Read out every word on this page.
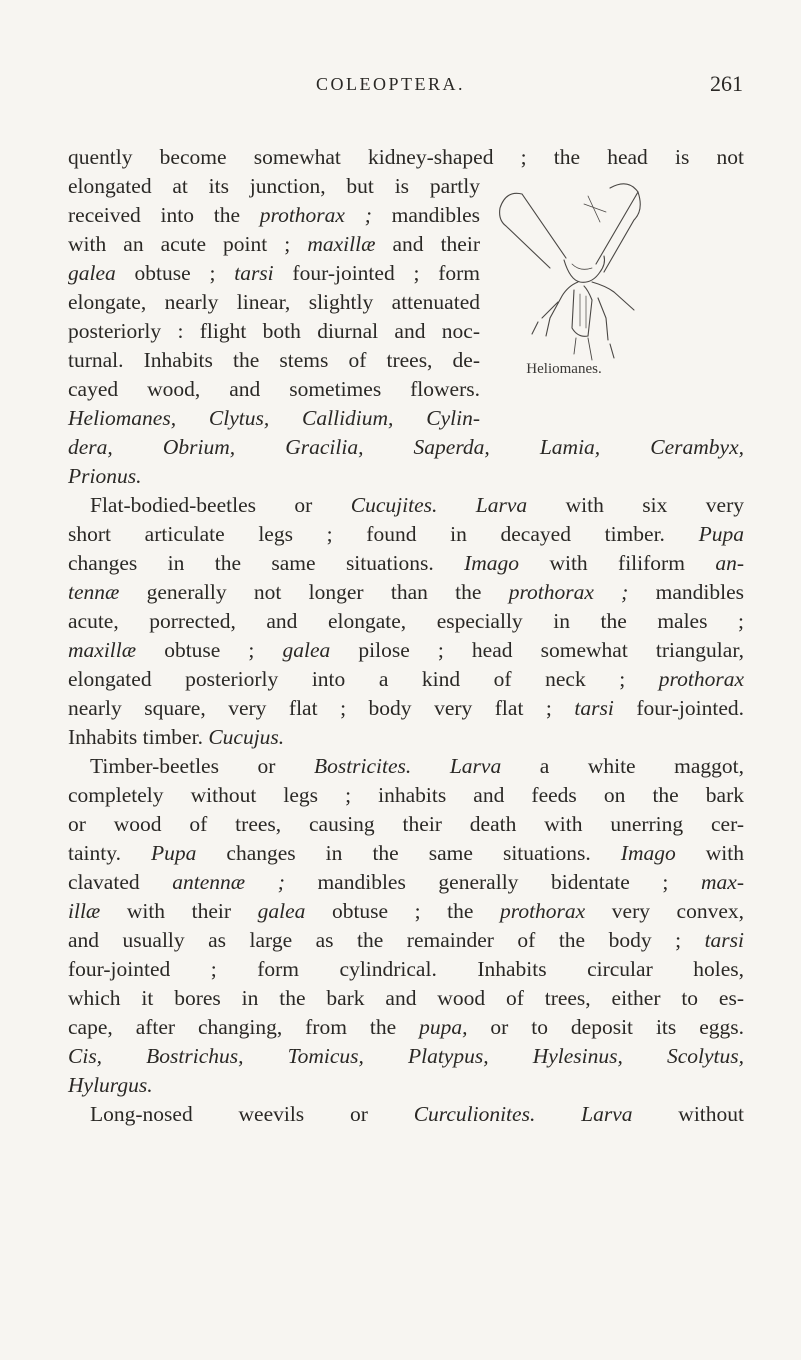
COLEOPTERA.	261
quently become somewhat kidney-shaped ; the head is not
elongated at its junction, but is partly
received into the prothorax ; mandibles
with an acute point ; maxillæ and their
galea obtuse ; tarsi four-jointed ; form
elongate, nearly linear, slightly attenuated
posteriorly : flight both diurnal and noc-
turnal. Inhabits the stems of trees, de-
cayed wood, and sometimes flowers.
Heliomanes, Clytus, Callidium, Cylin-
dera, Obrium, Gracilia, Saperda, Lamia, Cerambyx,
Prionus.
Flat-bodied-beetles or Cucujites. Larva with six very
short articulate legs ; found in decayed timber. Pupa
changes in the same situations. Imago with filiform an-
tennæ generally not longer than the prothorax ; mandibles
acute, porrected, and elongate, especially in the males ;
maxillæ obtuse ; galea pilose ; head somewhat triangular,
elongated posteriorly into a kind of neck ; prothorax
nearly square, very flat ; body very flat ; tarsi four-jointed.
Inhabits timber. Cucujus.
Timber-beetles or Bostricites. Larva a white maggot,
completely without legs ; inhabits and feeds on the bark
or wood of trees, causing their death with unerring cer-
tainty. Pupa changes in the same situations. Imago with
clavated antennæ ; mandibles generally bidentate ; max-
illæ with their galea obtuse ; the prothorax very convex,
and usually as large as the remainder of the body ; tarsi
four-jointed ; form cylindrical. Inhabits circular holes,
which it bores in the bark and wood of trees, either to es-
cape, after changing, from the pupa, or to deposit its eggs.
Cis, Bostrichus, Tomicus, Platypus, Hylesinus, Scolytus,
Hylurgus.
Long-nosed weevils or Curculionites. Larva without
Heliomanes.
